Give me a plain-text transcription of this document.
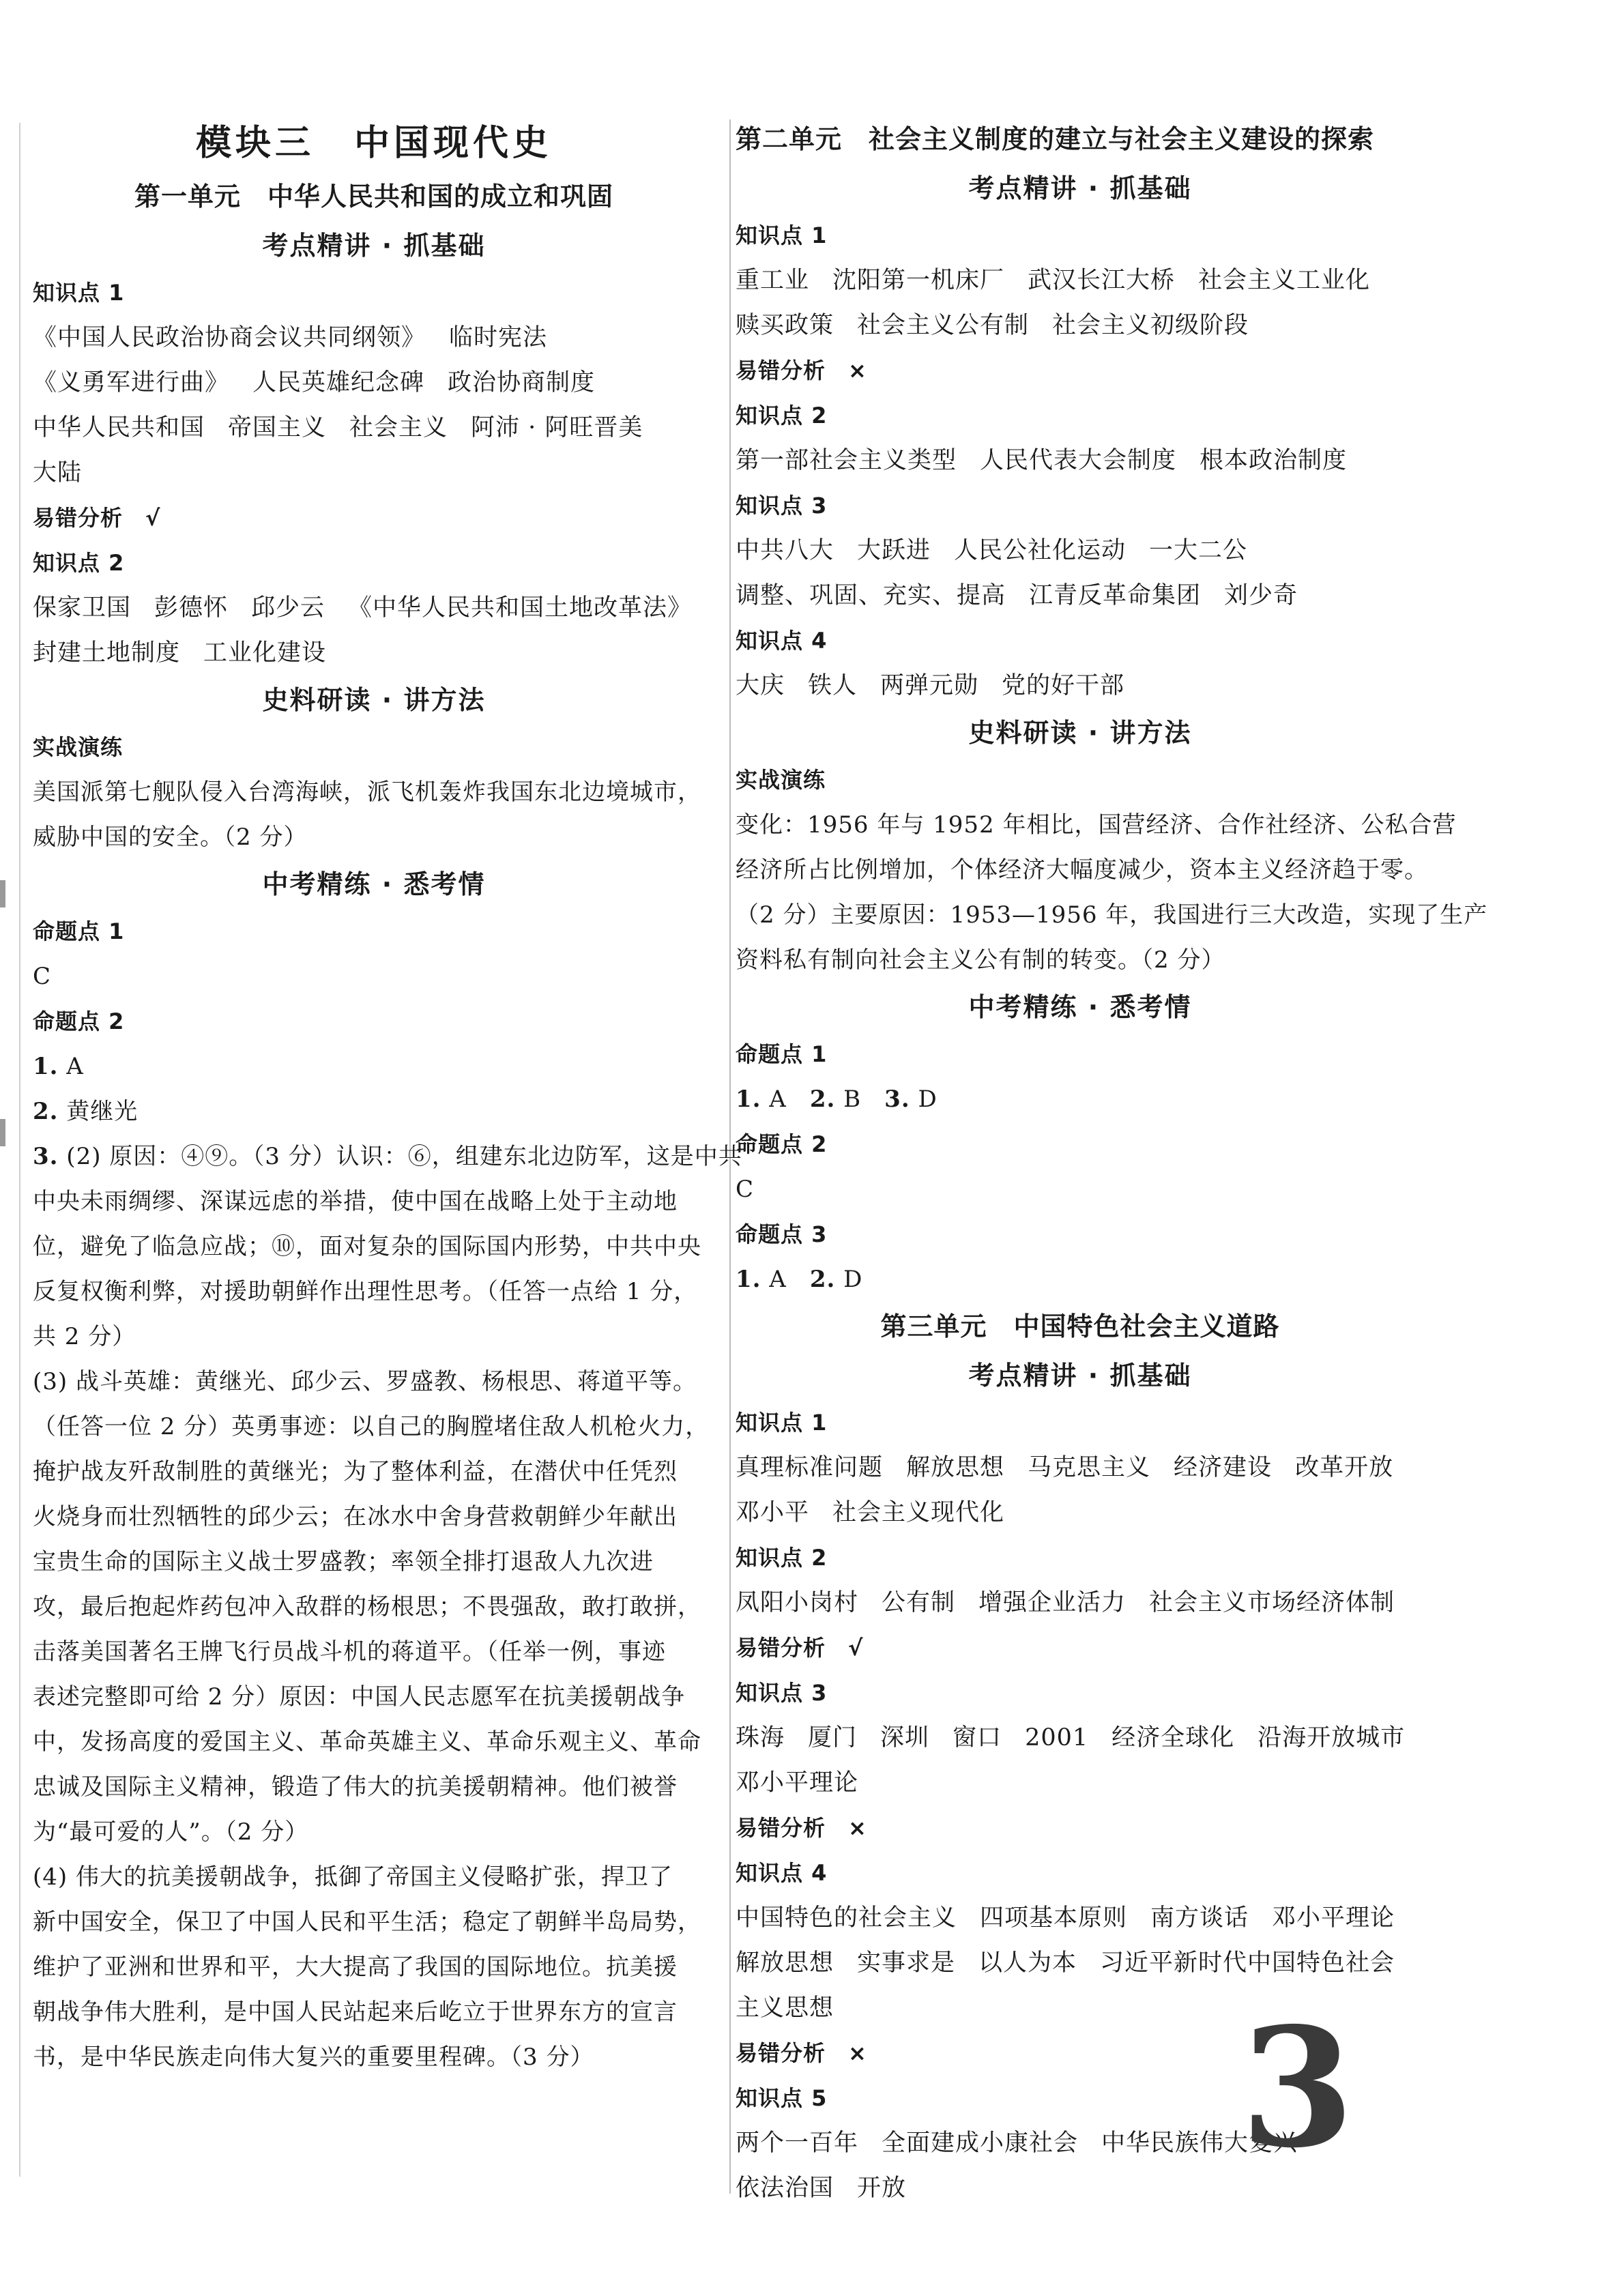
模块三　中国现代史
第一单元　中华人民共和国的成立和巩固
考点精讲 · 抓基础
知识点 1
《中国人民政治协商会议共同纲领》 临时宪法
《义勇军进行曲》 人民英雄纪念碑 政治协商制度
中华人民共和国 帝国主义 社会主义 阿沛 · 阿旺晋美
大陆
易错分析　√
知识点 2
保家卫国 彭德怀 邱少云 《中华人民共和国土地改革法》
封建土地制度 工业化建设
史料研读 · 讲方法
实战演练
美国派第七舰队侵入台湾海峡，派飞机轰炸我国东北边境城市，
威胁中国的安全。（2 分）
中考精练 · 悉考情
命题点 1
C
命题点 2
1. A
2. 黄继光
3. (2) 原因：④⑨。（3 分）认识：⑥，组建东北边防军，这是中共
中央未雨绸缪、深谋远虑的举措，使中国在战略上处于主动地
位，避免了临急应战；⑩，面对复杂的国际国内形势，中共中央
反复权衡利弊，对援助朝鲜作出理性思考。（任答一点给 1 分，
共 2 分）
(3) 战斗英雄：黄继光、邱少云、罗盛教、杨根思、蒋道平等。
（任答一位 2 分）英勇事迹：以自己的胸膛堵住敌人机枪火力，
掩护战友歼敌制胜的黄继光；为了整体利益，在潜伏中任凭烈
火烧身而壮烈牺牲的邱少云；在冰水中舍身营救朝鲜少年献出
宝贵生命的国际主义战士罗盛教；率领全排打退敌人九次进
攻，最后抱起炸药包冲入敌群的杨根思；不畏强敌，敢打敢拼，
击落美国著名王牌飞行员战斗机的蒋道平。（任举一例，事迹
表述完整即可给 2 分）原因：中国人民志愿军在抗美援朝战争
中，发扬高度的爱国主义、革命英雄主义、革命乐观主义、革命
忠诚及国际主义精神，锻造了伟大的抗美援朝精神。他们被誉
为“最可爱的人”。（2 分）
(4) 伟大的抗美援朝战争，抵御了帝国主义侵略扩张，捍卫了
新中国安全，保卫了中国人民和平生活；稳定了朝鲜半岛局势，
维护了亚洲和世界和平，大大提高了我国的国际地位。抗美援
朝战争伟大胜利，是中国人民站起来后屹立于世界东方的宣言
书，是中华民族走向伟大复兴的重要里程碑。（3 分）
第二单元　社会主义制度的建立与社会主义建设的探索
考点精讲 · 抓基础
知识点 1
重工业 沈阳第一机床厂 武汉长江大桥 社会主义工业化
赎买政策 社会主义公有制 社会主义初级阶段
易错分析　×
知识点 2
第一部社会主义类型 人民代表大会制度 根本政治制度
知识点 3
中共八大 大跃进 人民公社化运动 一大二公
调整、巩固、充实、提高 江青反革命集团 刘少奇
知识点 4
大庆 铁人 两弹元勋 党的好干部
史料研读 · 讲方法
实战演练
变化：1956 年与 1952 年相比，国营经济、合作社经济、公私合营
经济所占比例增加，个体经济大幅度减少，资本主义经济趋于零。
（2 分）主要原因：1953—1956 年，我国进行三大改造，实现了生产
资料私有制向社会主义公有制的转变。（2 分）
中考精练 · 悉考情
命题点 1
1. A 2. B 3. D
命题点 2
C
命题点 3
1. A 2. D
第三单元　中国特色社会主义道路
考点精讲 · 抓基础
知识点 1
真理标准问题 解放思想 马克思主义 经济建设 改革开放
邓小平 社会主义现代化
知识点 2
凤阳小岗村 公有制 增强企业活力 社会主义市场经济体制
易错分析　√
知识点 3
珠海 厦门 深圳 窗口 2001 经济全球化 沿海开放城市
邓小平理论
易错分析　×
知识点 4
中国特色的社会主义 四项基本原则 南方谈话 邓小平理论
解放思想 实事求是 以人为本 习近平新时代中国特色社会
主义思想
易错分析　×
知识点 5
两个一百年 全面建成小康社会 中华民族伟大复兴
依法治国 开放
3
